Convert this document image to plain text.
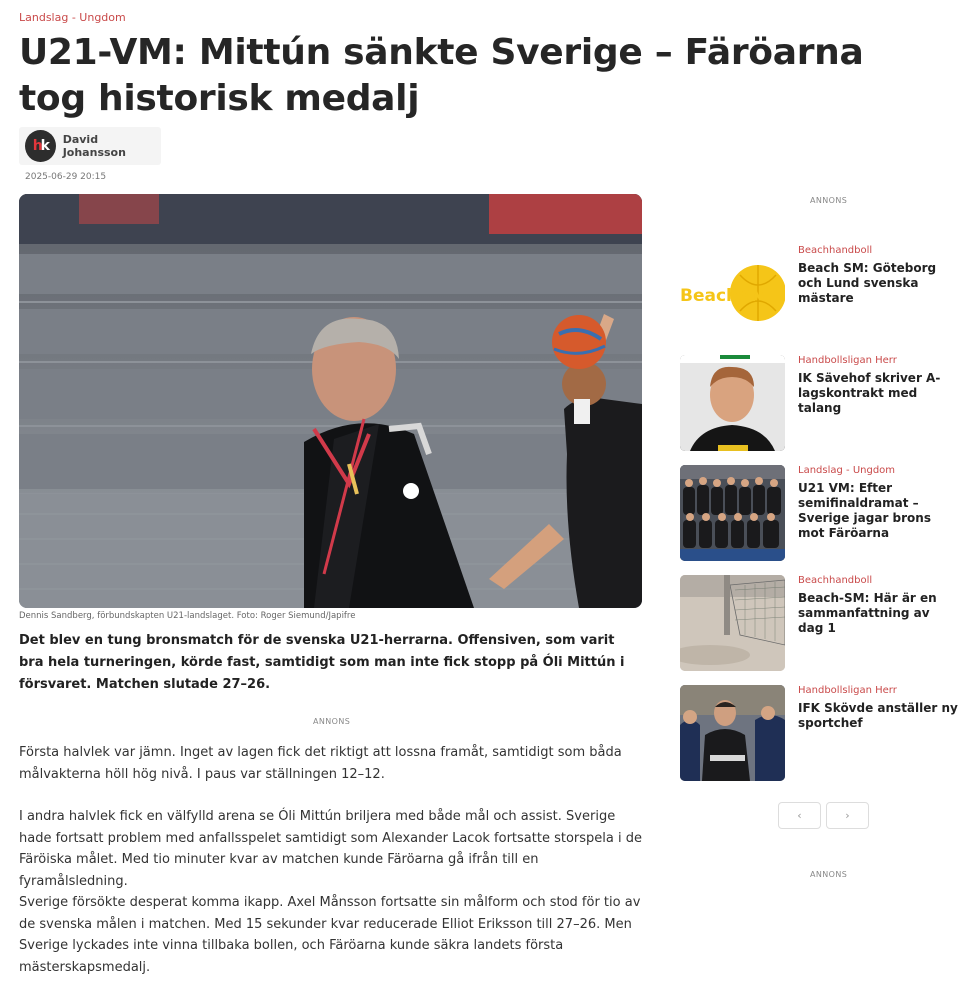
Landslag - Ungdom
U21-VM: Mittún sänkte Sverige – Färöarna tog historisk medalj
h k David Johansson
2025-06-29 20:15
Dennis Sandberg, förbundskapten U21-landslaget. Foto: Roger Siemund/Japifre

Det blev en tung bronsmatch för de svenska U21-herrarna. Offensiven, som varit bra hela turneringen, körde fast, samtidigt som man inte fick stopp på Óli Mittún i försvaret. Matchen slutade 27–26.

ANNONS

Första halvlek var jämn. Inget av lagen fick det riktigt att lossna framåt, samtidigt som båda målvakterna höll hög nivå. I paus var ställningen 12–12.

I andra halvlek fick en välfylld arena se Óli Mittún briljera med både mål och assist. Sverige hade fortsatt problem med anfallsspelet samtidigt som Alexander Lacok fortsatte storspela i de Färöiska målet. Med tio minuter kvar av matchen kunde Färöarna gå ifrån till en fyramålsledning.

Sverige försökte desperat komma ikapp. Axel Månsson fortsatte sin målform och stod för tio av de svenska målen i matchen. Med 15 sekunder kvar reducerade Elliot Eriksson till 27–26. Men Sverige lyckades inte vinna tillbaka bollen, och Färöarna kunde säkra landets första mästerskapsmedalj.

ANNONS
BeachSM
Beachhandboll
Beach SM: Göteborg och Lund svenska mästare
Handbollsligan Herr
IK Sävehof skriver A-lagskontrakt med talang
Landslag - Ungdom
U21 VM: Efter semifinaldramat – Sverige jagar brons mot Färöarna
Beachhandboll
Beach-SM: Här är en sammanfattning av dag 1
Handbollsligan Herr
IFK Skövde anställer ny sportchef
‹	›
ANNONS
